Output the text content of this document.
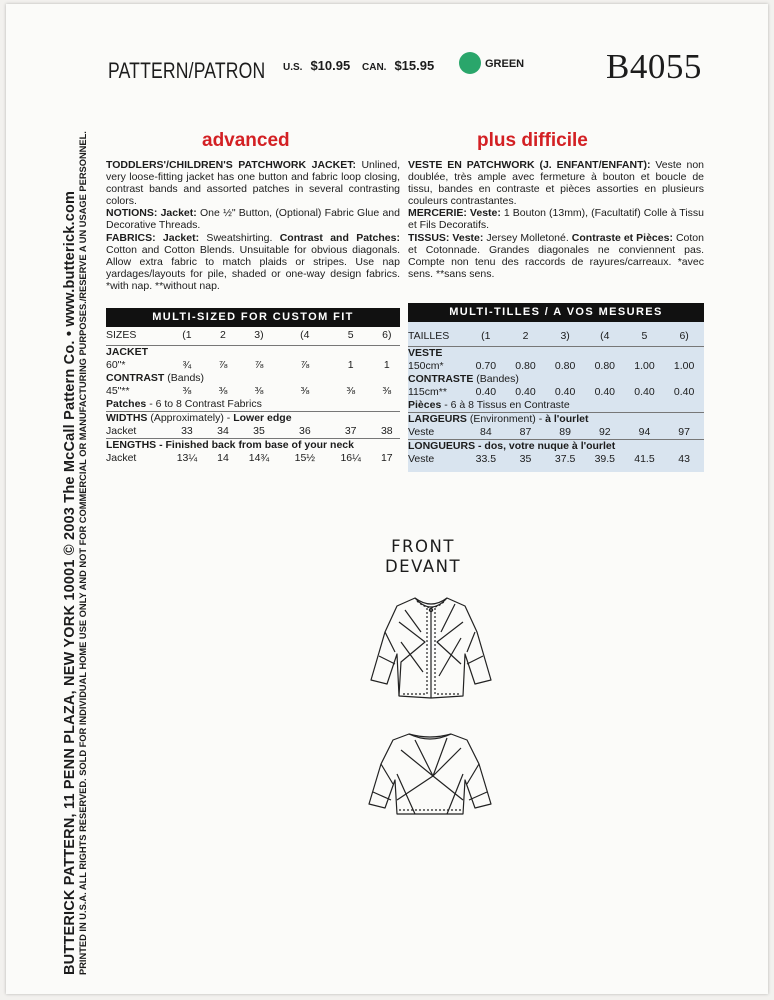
BUTTERICK PATTERN, 11 PENN PLAZA, NEW YORK 10001 © 2003 The McCall Pattern Co. • www.butterick.com PRINTED IN U.S.A. ALL RIGHTS RESERVED. SOLD FOR INDIVIDUAL HOME USE ONLY AND NOT FOR COMMERCIAL OR MANUFACTURING PURPOSES./RESERVE A UN USAGE PERSONNEL.
PATTERN/PATRON U.S. $10.95 CAN. $15.95	GREEN B4055
advanced	plus difficile

TODDLERS'/CHILDREN'S PATCHWORK JACKET: Unlined, very loose-fitting jacket has one button and fabric loop closing, contrast bands and assorted patches in several contrasting colors.

NOTIONS: Jacket: One ½" Button, (Optional) Fabric Glue and Decorative Threads.

FABRICS: Jacket: Sweatshirting. Contrast and Patches: Cotton and Cotton Blends. Unsuitable for obvious diagonals. Allow extra fabric to match plaids or stripes. Use nap yardages/layouts for pile, shaded or one-way design fabrics. *with nap. **without nap.

VESTE EN PATCHWORK (J. ENFANT/ENFANT): Veste non doublée, très ample avec fermeture à bouton et boucle de tissu, bandes en contraste et pièces assorties en plusieurs couleurs contrastantes.

MERCERIE: Veste: 1 Bouton (13mm), (Facultatif) Colle à Tissu et Fils Decoratifs.

TISSUS: Veste: Jersey Molletoné. Contraste et Pièces: Coton et Cotonnade. Grandes diagonales ne conviennent pas. Compte non tenu des raccords de rayures/carreaux. *avec sens. **sans sens.

MULTI-SIZED FOR CUSTOM FIT
SIZES	(1	2	3)	(4	5	6)
JACKET						
60"*	¾	⅞	⅞	⅞	1	1
CONTRAST (Bands)						
45"**	⅜	⅜	⅜	⅜	⅜	⅜
Patches - 6 to 8 Contrast Fabrics						
WIDTHS (Approximately) - Lower edge						
Jacket	33	34	35	36	37	38
LENGTHS - Finished back from base of your neck						
Jacket	13¼	14	14¾	15½	16¼	17
MULTI-TILLES / A VOS MESURES
TAILLES	(1	2	3)	(4	5	6)
VESTE						
150cm*	0.70	0.80	0.80	0.80	1.00	1.00
CONTRASTE (Bandes)						
115cm**	0.40	0.40	0.40	0.40	0.40	0.40
Pièces - 6 à 8 Tissus en Contraste						
LARGEURS (Environment) - à l'ourlet						
Veste	84	87	89	92	94	97
LONGUEURS - dos, votre nuque à l'ourlet						
Veste	33.5	35	37.5	39.5	41.5	43
FRONT
DEVANT
